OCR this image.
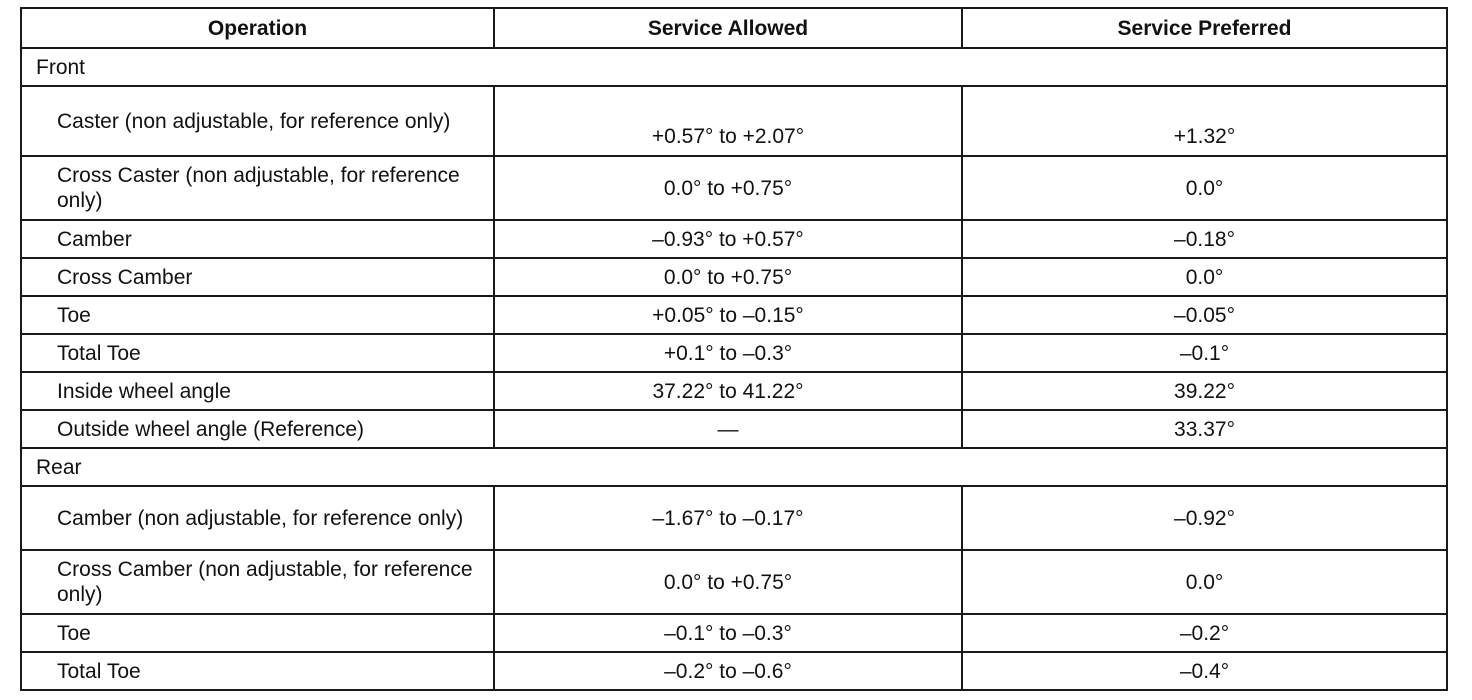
Operation	Service Allowed	Service Preferred
Front		
Caster (non adjustable, for reference only)	+0.57° to +2.07°	+1.32°
Cross Caster (non adjustable, for reference only)	0.0° to +0.75°	0.0°
Camber	–0.93° to +0.57°	–0.18°
Cross Camber	0.0° to +0.75°	0.0°
Toe	+0.05° to –0.15°	–0.05°
Total Toe	+0.1° to –0.3°	–0.1°
Inside wheel angle	37.22° to 41.22°	39.22°
Outside wheel angle (Reference)	—	33.37°
Rear		
Camber (non adjustable, for reference only)	–1.67° to –0.17°	–0.92°
Cross Camber (non adjustable, for reference only)	0.0° to +0.75°	0.0°
Toe	–0.1° to –0.3°	–0.2°
Total Toe	–0.2° to –0.6°	–0.4°
